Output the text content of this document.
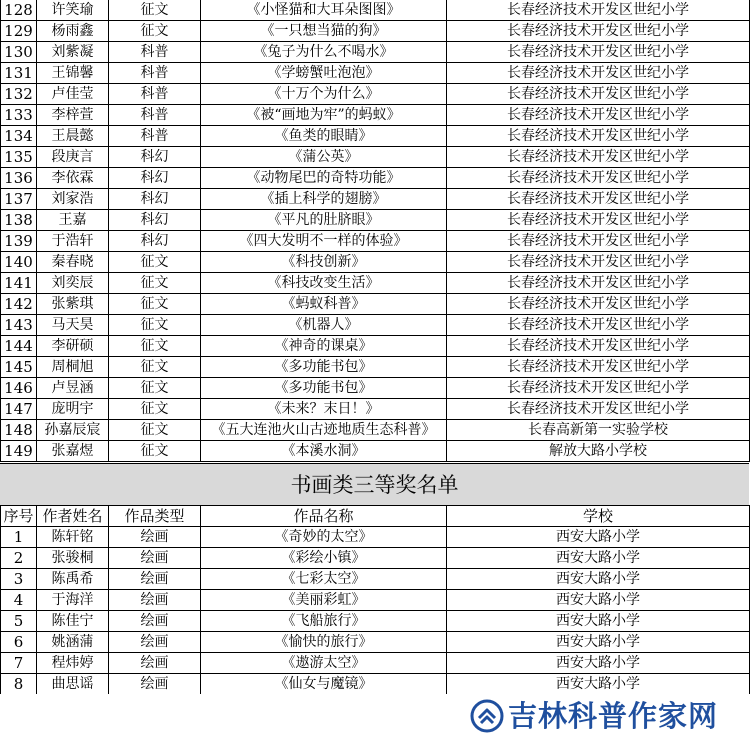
128	许笑瑜	征文	《小怪猫和大耳朵图图》	长春经济技术开发区世纪小学
129	杨雨鑫	征文	《一只想当猫的狗》	长春经济技术开发区世纪小学
130	刘紫凝	科普	《兔子为什么不喝水》	长春经济技术开发区世纪小学
131	王锦馨	科普	《学螃蟹吐泡泡》	长春经济技术开发区世纪小学
132	卢佳莹	科普	《十万个为什么》	长春经济技术开发区世纪小学
133	李梓萱	科普	《被“画地为牢”的蚂蚁》	长春经济技术开发区世纪小学
134	王晨懿	科普	《鱼类的眼睛》	长春经济技术开发区世纪小学
135	段庚言	科幻	《蒲公英》	长春经济技术开发区世纪小学
136	李依霖	科幻	《动物尾巴的奇特功能》	长春经济技术开发区世纪小学
137	刘家浩	科幻	《插上科学的翅膀》	长春经济技术开发区世纪小学
138	王嘉	科幻	《平凡的肚脐眼》	长春经济技术开发区世纪小学
139	于浩轩	科幻	《四大发明不一样的体验》	长春经济技术开发区世纪小学
140	秦春晓	征文	《科技创新》	长春经济技术开发区世纪小学
141	刘奕辰	征文	《科技改变生活》	长春经济技术开发区世纪小学
142	张紫琪	征文	《蚂蚁科普》	长春经济技术开发区世纪小学
143	马天昊	征文	《机器人》	长春经济技术开发区世纪小学
144	李研硕	征文	《神奇的课桌》	长春经济技术开发区世纪小学
145	周桐旭	征文	《多功能书包》	长春经济技术开发区世纪小学
146	卢昱涵	征文	《多功能书包》	长春经济技术开发区世纪小学
147	庞明宇	征文	《未来？末日！》	长春经济技术开发区世纪小学
148	孙嘉辰宸	征文	《五大连池火山古迹地质生态科普》	长春高新第一实验学校
149	张嘉煜	征文	《本溪水洞》	解放大路小学校
书画类三等奖名单
序号	作者姓名	作品类型	作品名称	学校
1	陈轩铭	绘画	《奇妙的太空》	西安大路小学
2	张骏桐	绘画	《彩绘小镇》	西安大路小学
3	陈禹希	绘画	《七彩太空》	西安大路小学
4	于海洋	绘画	《美丽彩虹》	西安大路小学
5	陈佳宁	绘画	《飞船旅行》	西安大路小学
6	姚涵蒲	绘画	《愉快的旅行》	西安大路小学
7	程炜婷	绘画	《遨游太空》	西安大路小学
8	曲思谣	绘画	《仙女与魔镜》	西安大路小学
吉林科普作家网
